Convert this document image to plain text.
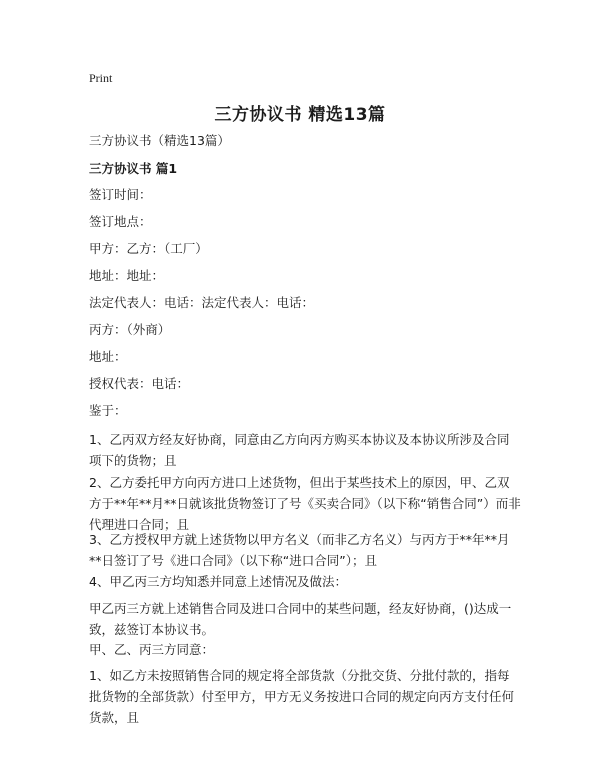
Print
三方协议书 精选13篇
三方协议书（精选13篇）
三方协议书 篇1
签订时间：
签订地点：
甲方：乙方：（工厂）
地址：地址：
法定代表人：电话：法定代表人：电话：
丙方：（外商）
地址：
授权代表：电话：
鉴于：
1、乙丙双方经友好协商，同意由乙方向丙方购买本协议及本协议所涉及合同项下的货物；且
2、乙方委托甲方向丙方进口上述货物，但出于某些技术上的原因，甲、乙双方于**年**月**日就该批货物签订了号《买卖合同》（以下称“销售合同”）而非代理进口合同；且
3、乙方授权甲方就上述货物以甲方名义（而非乙方名义）与丙方于**年**月**日签订了号《进口合同》（以下称“进口合同”）；且
4、甲乙丙三方均知悉并同意上述情况及做法：
甲乙丙三方就上述销售合同及进口合同中的某些问题，经友好协商，()达成一致，兹签订本协议书。
甲、乙、丙三方同意：
1、如乙方未按照销售合同的规定将全部货款（分批交货、分批付款的，指每批货物的全部货款）付至甲方，甲方无义务按进口合同的规定向丙方支付任何货款，且
